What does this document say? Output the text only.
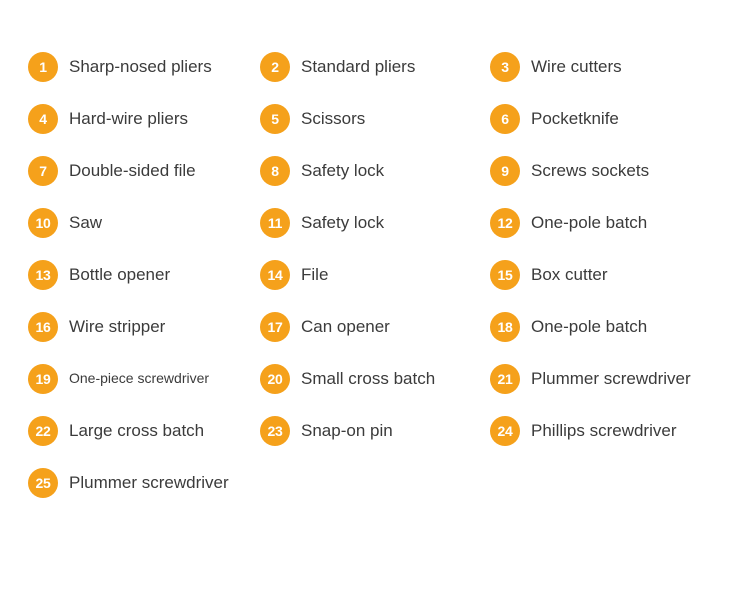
1	Sharp-nosed pliers	2	Standard pliers	3	Wire cutters
4	Hard-wire pliers	5	Scissors	6	Pocketknife
7	Double-sided file	8	Safety lock	9	Screws sockets
10	Saw	11	Safety lock	12	One-pole batch
13	Bottle opener	14	File	15	Box cutter
16	Wire stripper	17	Can opener	18	One-pole batch
19	One-piece screwdriver	20	Small cross batch	21	Plummer screwdriver
22	Large cross batch	23	Snap-on pin	24	Phillips screwdriver
25	Plummer screwdriver
